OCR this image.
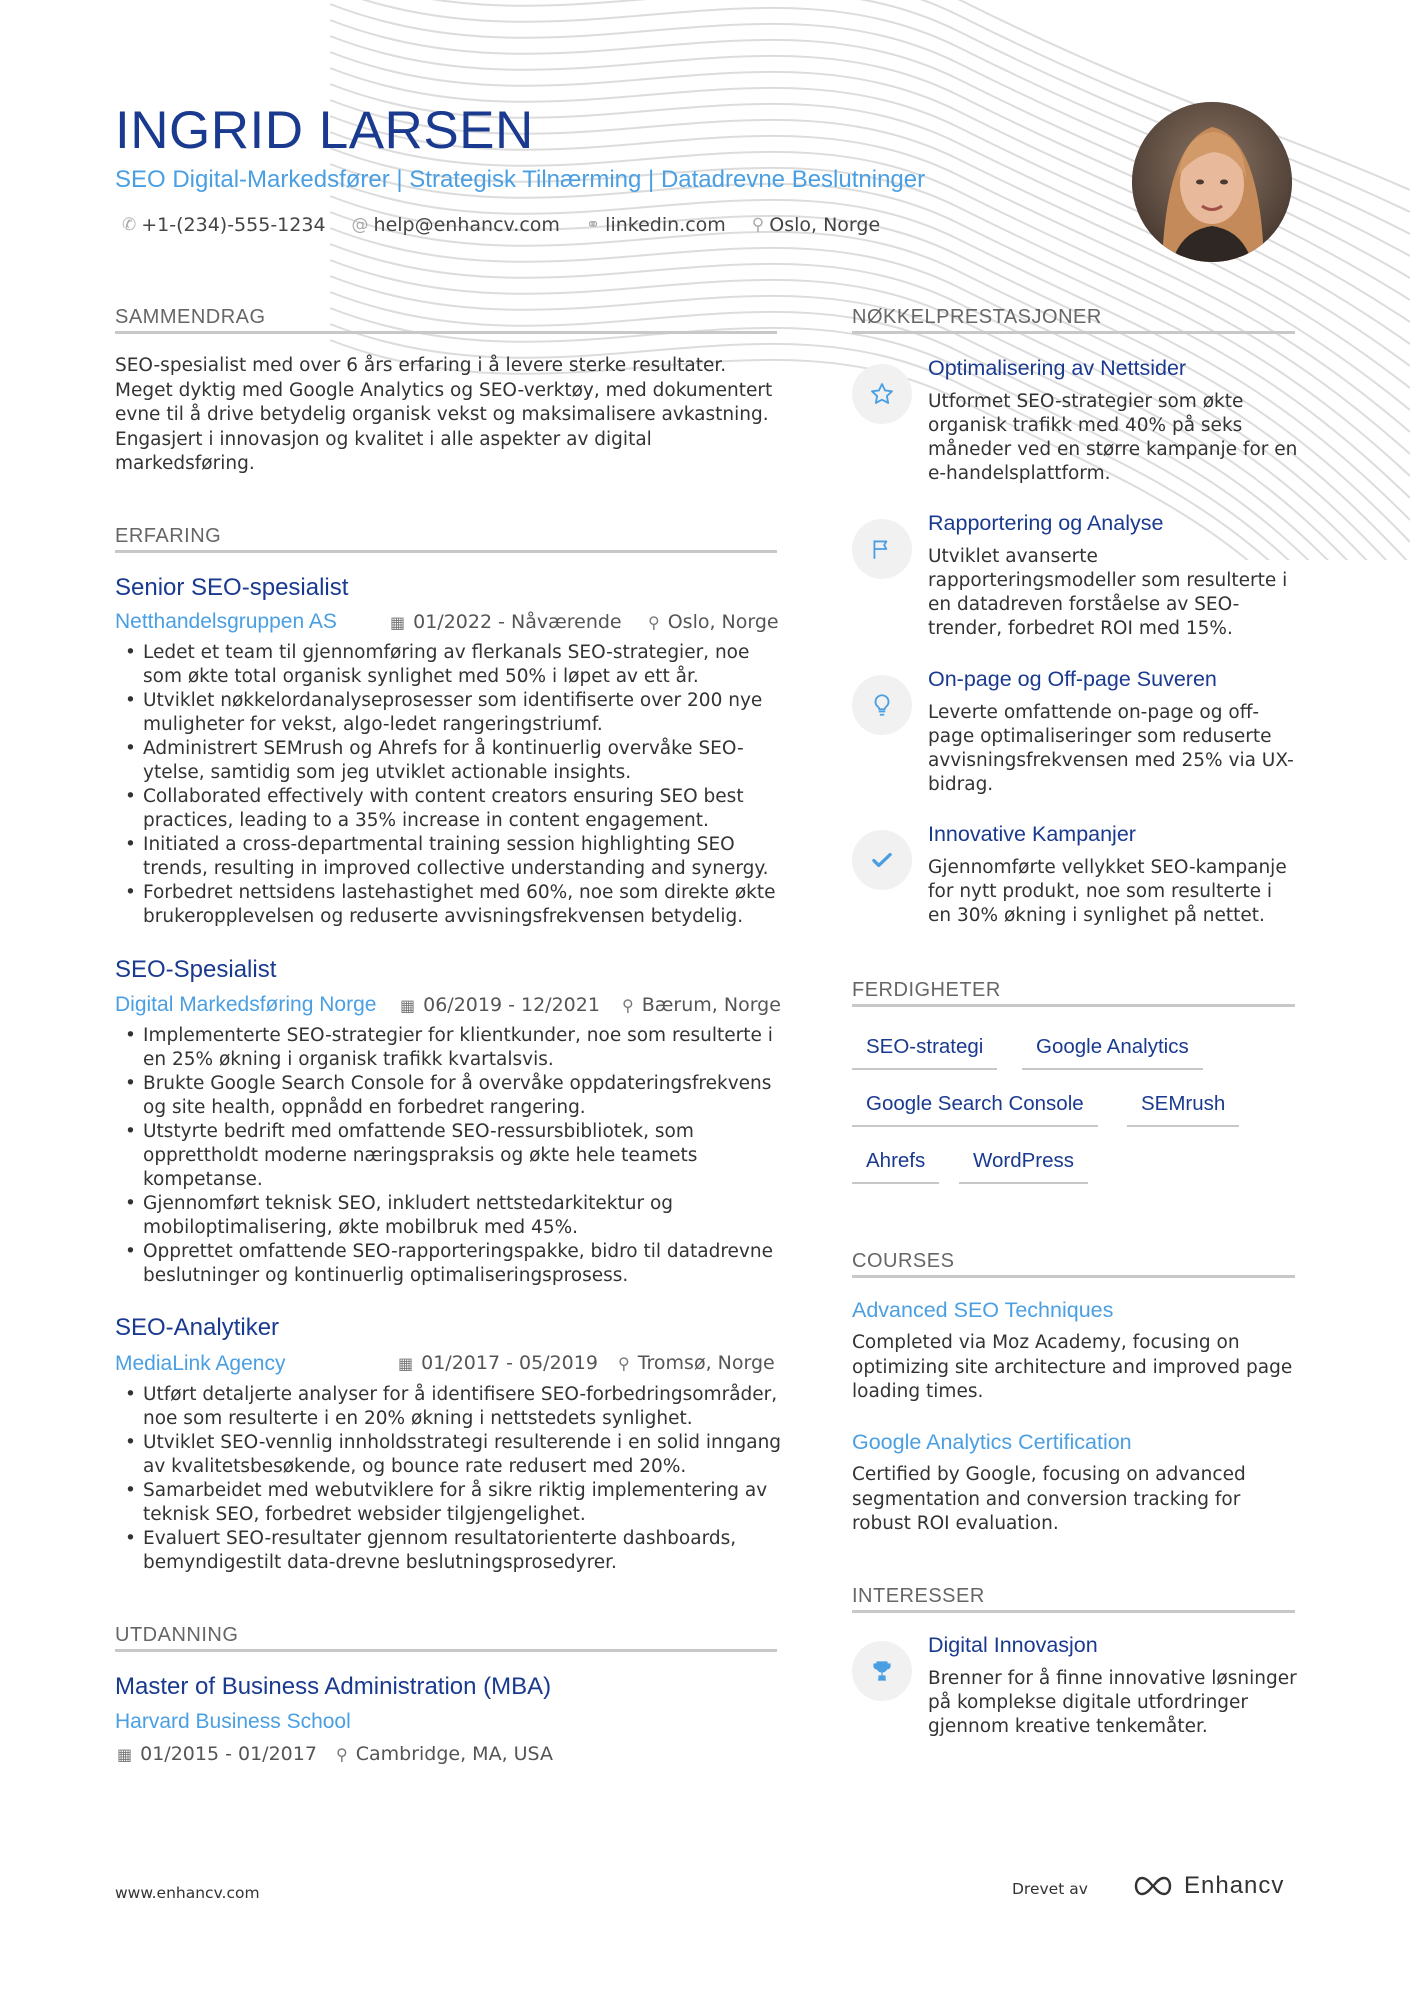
INGRID LARSEN
SEO Digital-Markedsfører | Strategisk Tilnærming | Datadrevne Beslutninger
✆ +1-(234)-555-1234 @ help@enhancv.com ⚭ linkedin.com ⚲ Oslo, Norge
SAMMENDRAG
SEO-spesialist med over 6 års erfaring i å levere sterke resultater.
Meget dyktig med Google Analytics og SEO-verktøy, med dokumentert
evne til å drive betydelig organisk vekst og maksimalisere avkastning.
Engasjert i innovasjon og kvalitet i alle aspekter av digital
markedsføring.
ERFARING
Senior SEO-spesialist
Netthandelsgruppen AS	▦ 01/2022 - Nåværende ⚲ Oslo, Norge
• Ledet et team til gjennomføring av flerkanals SEO-strategier, noe
som økte total organisk synlighet med 50% i løpet av ett år.
• Utviklet nøkkelordanalyseprosesser som identifiserte over 200 nye
muligheter for vekst, algo-ledet rangeringstriumf.
• Administrert SEMrush og Ahrefs for å kontinuerlig overvåke SEO-
ytelse, samtidig som jeg utviklet actionable insights.
• Collaborated effectively with content creators ensuring SEO best
practices, leading to a 35% increase in content engagement.
• Initiated a cross-departmental training session highlighting SEO
trends, resulting in improved collective understanding and synergy.
• Forbedret nettsidens lastehastighet med 60%, noe som direkte økte
brukeropplevelsen og reduserte avvisningsfrekvensen betydelig.
SEO-Spesialist
Digital Markedsføring Norge ▦ 06/2019 - 12/2021 ⚲ Bærum, Norge
• Implementerte SEO-strategier for klientkunder, noe som resulterte i
en 25% økning i organisk trafikk kvartalsvis.
• Brukte Google Search Console for å overvåke oppdateringsfrekvens
og site health, oppnådd en forbedret rangering.
• Utstyrte bedrift med omfattende SEO-ressursbibliotek, som
opprettholdt moderne næringspraksis og økte hele teamets
kompetanse.
• Gjennomført teknisk SEO, inkludert nettstedarkitektur og
mobiloptimalisering, økte mobilbruk med 45%.
• Opprettet omfattende SEO-rapporteringspakke, bidro til datadrevne
beslutninger og kontinuerlig optimaliseringsprosess.
SEO-Analytiker
MediaLink Agency	▦ 01/2017 - 05/2019 ⚲ Tromsø, Norge
• Utført detaljerte analyser for å identifisere SEO-forbedringsområder,
noe som resulterte i en 20% økning i nettstedets synlighet.
• Utviklet SEO-vennlig innholdsstrategi resulterende i en solid inngang
av kvalitetsbesøkende, og bounce rate redusert med 20%.
• Samarbeidet med webutviklere for å sikre riktig implementering av
teknisk SEO, forbedret websider tilgjengelighet.
• Evaluert SEO-resultater gjennom resultatorienterte dashboards,
bemyndigestilt data-drevne beslutningsprosedyrer.
UTDANNING
Master of Business Administration (MBA)
Harvard Business School
▦ 01/2015 - 01/2017 ⚲ Cambridge, MA, USA
NØKKELPRESTASJONER
Optimalisering av Nettsider
Utformet SEO-strategier som økte
organisk trafikk med 40% på seks
måneder ved en større kampanje for en
e-handelsplattform.
Rapportering og Analyse
Utviklet avanserte
rapporteringsmodeller som resulterte i
en datadreven forståelse av SEO-
trender, forbedret ROI med 15%.
On-page og Off-page Suveren
Leverte omfattende on-page og off-
page optimaliseringer som reduserte
avvisningsfrekvensen med 25% via UX-
bidrag.
Innovative Kampanjer
Gjennomførte vellykket SEO-kampanje
for nytt produkt, noe som resulterte i
en 30% økning i synlighet på nettet.
FERDIGHETER
SEO-strategi	Google Analytics
Google Search Console	SEMrush
Ahrefs	WordPress
COURSES
Advanced SEO Techniques
Completed via Moz Academy, focusing on
optimizing site architecture and improved page
loading times.
Google Analytics Certification
Certified by Google, focusing on advanced
segmentation and conversion tracking for
robust ROI evaluation.
INTERESSER
Digital Innovasjon
Brenner for å finne innovative løsninger
på komplekse digitale utfordringer
gjennom kreative tenkemåter.
www.enhancv.com	Drevet av	Enhancv
